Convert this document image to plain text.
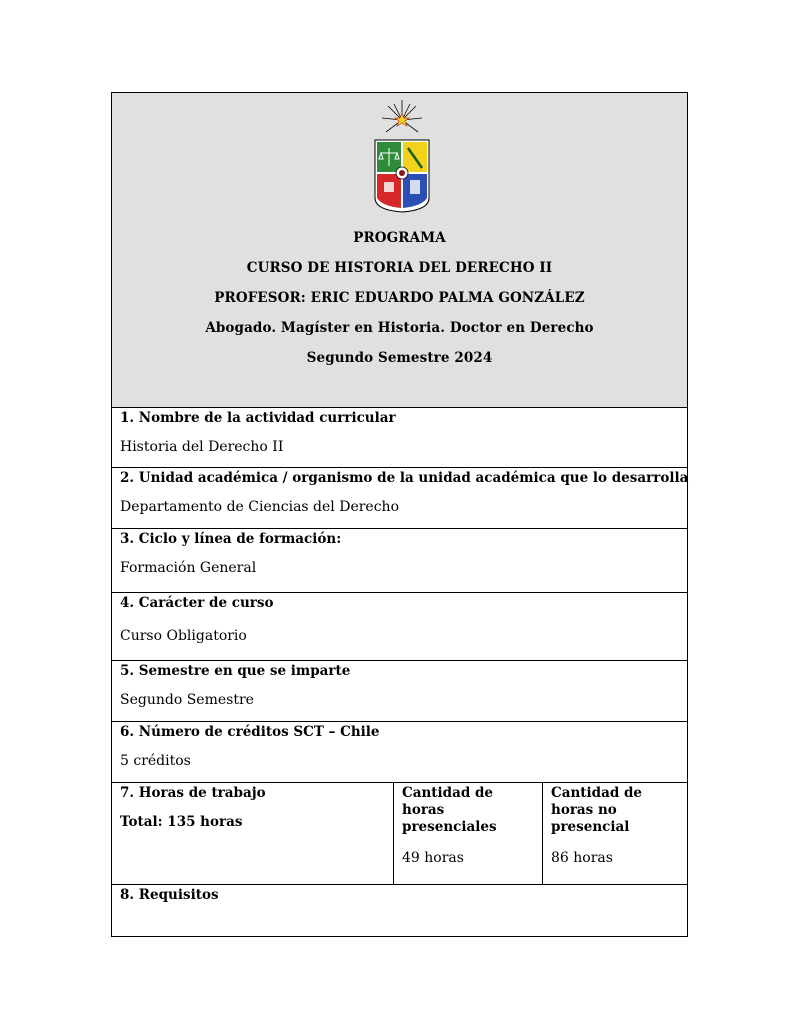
PROGRAMA
CURSO DE HISTORIA DEL DERECHO II
PROFESOR: ERIC EDUARDO PALMA GONZÁLEZ
Abogado. Magíster en Historia. Doctor en Derecho
Segundo Semestre 2024
1. Nombre de la actividad curricular
Historia del Derecho II
2. Unidad académica / organismo de la unidad académica que lo desarrolla
Departamento de Ciencias del Derecho
3. Ciclo y línea de formación:
Formación General
4. Carácter de curso
Curso Obligatorio
5. Semestre en que se imparte
Segundo Semestre
6. Número de créditos SCT – Chile
5 créditos
7. Horas de trabajo
Total: 135 horas
Cantidad de horas presenciales
49 horas
Cantidad de horas no presencial
86 horas
8. Requisitos
